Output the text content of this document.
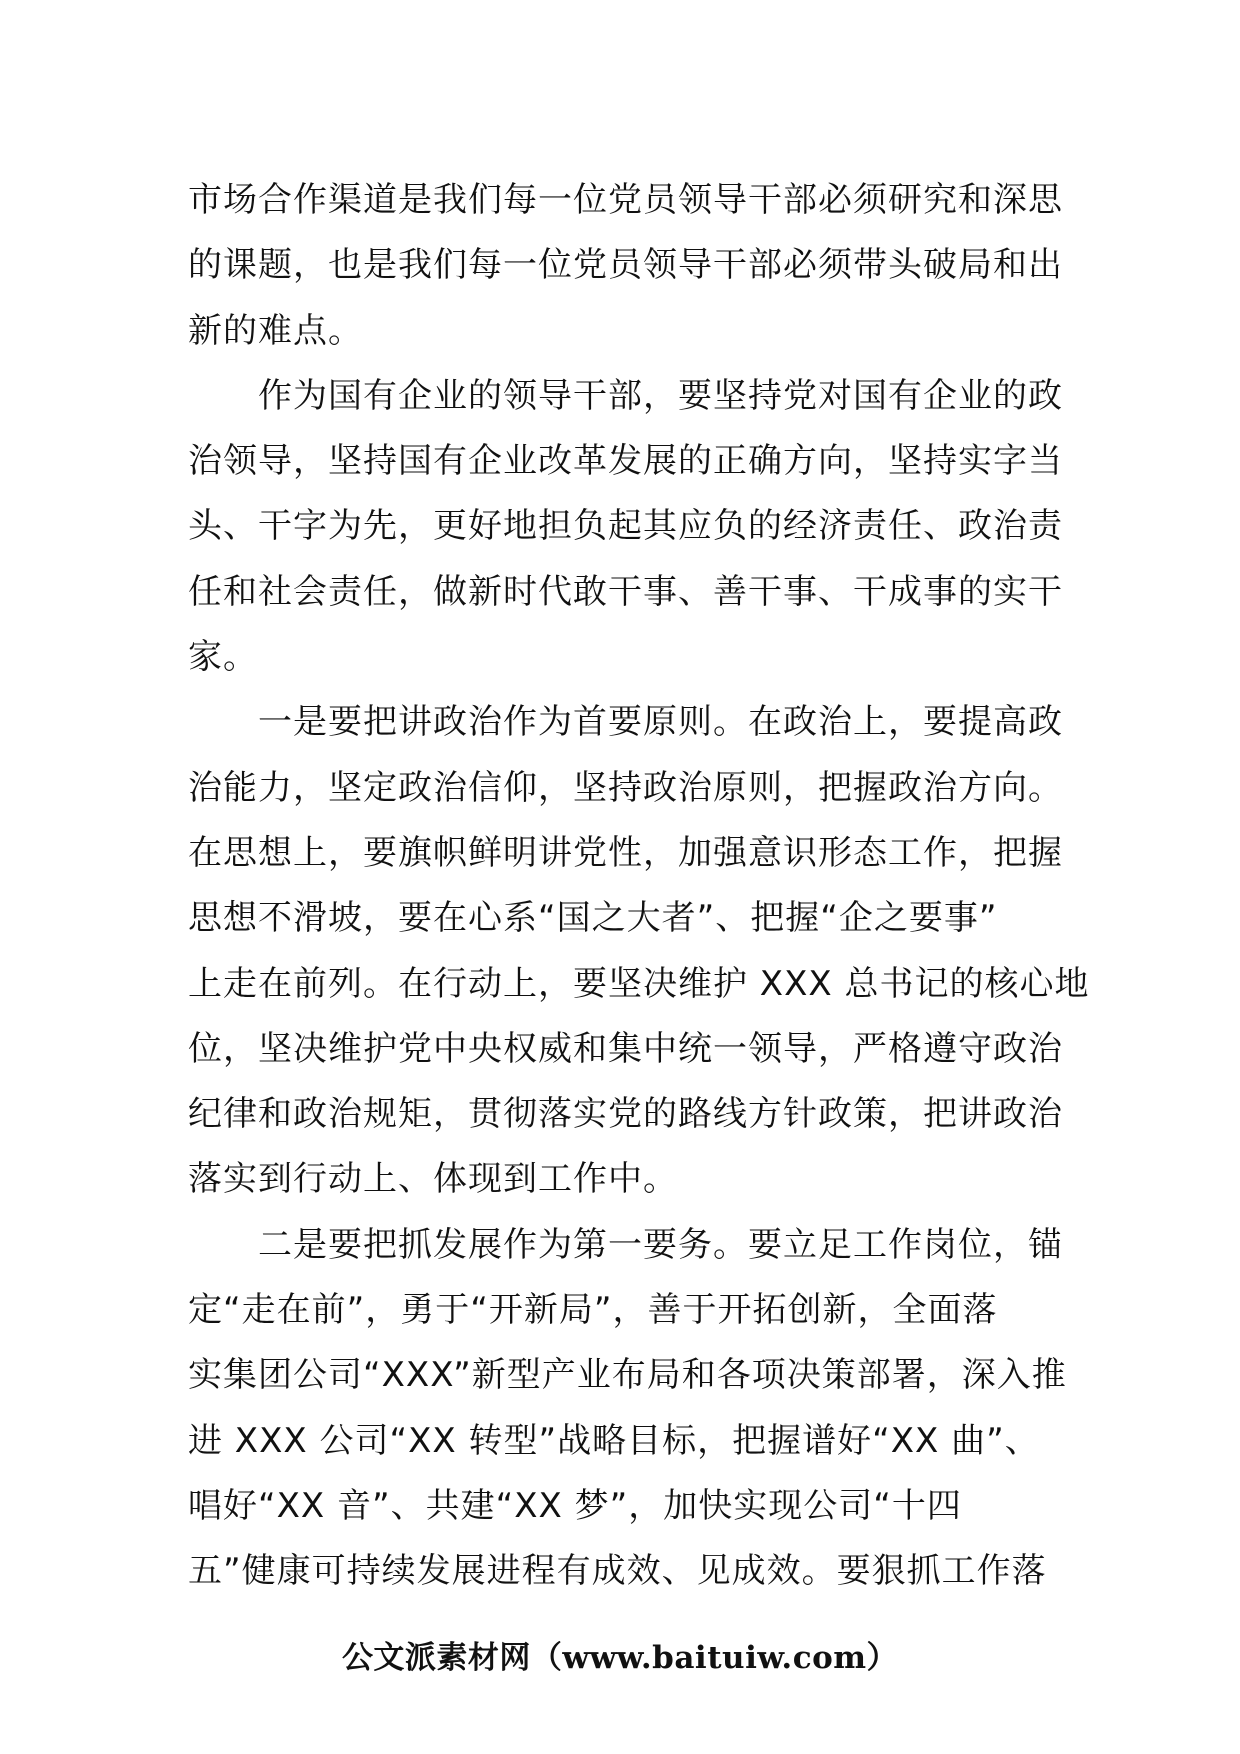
市场合作渠道是我们每一位党员领导干部必须研究和深思
的课题，也是我们每一位党员领导干部必须带头破局和出
新的难点。
　　作为国有企业的领导干部，要坚持党对国有企业的政
治领导，坚持国有企业改革发展的正确方向，坚持实字当
头、干字为先，更好地担负起其应负的经济责任、政治责
任和社会责任，做新时代敢干事、善干事、干成事的实干
家。
　　一是要把讲政治作为首要原则。在政治上，要提高政
治能力，坚定政治信仰，坚持政治原则，把握政治方向。
在思想上，要旗帜鲜明讲党性，加强意识形态工作，把握
思想不滑坡，要在心系“国之大者”、把握“企之要事”
上走在前列。在行动上，要坚决维护 XXX 总书记的核心地
位，坚决维护党中央权威和集中统一领导，严格遵守政治
纪律和政治规矩，贯彻落实党的路线方针政策，把讲政治
落实到行动上、体现到工作中。
　　二是要把抓发展作为第一要务。要立足工作岗位，锚
定“走在前”，勇于“开新局”，善于开拓创新，全面落
实集团公司“XXX”新型产业布局和各项决策部署，深入推
进 XXX 公司“XX 转型”战略目标，把握谱好“XX 曲”、
唱好“XX 音”、共建“XX 梦”，加快实现公司“十四
五”健康可持续发展进程有成效、见成效。要狠抓工作落
公文派素材网（www.baituiw.com）
